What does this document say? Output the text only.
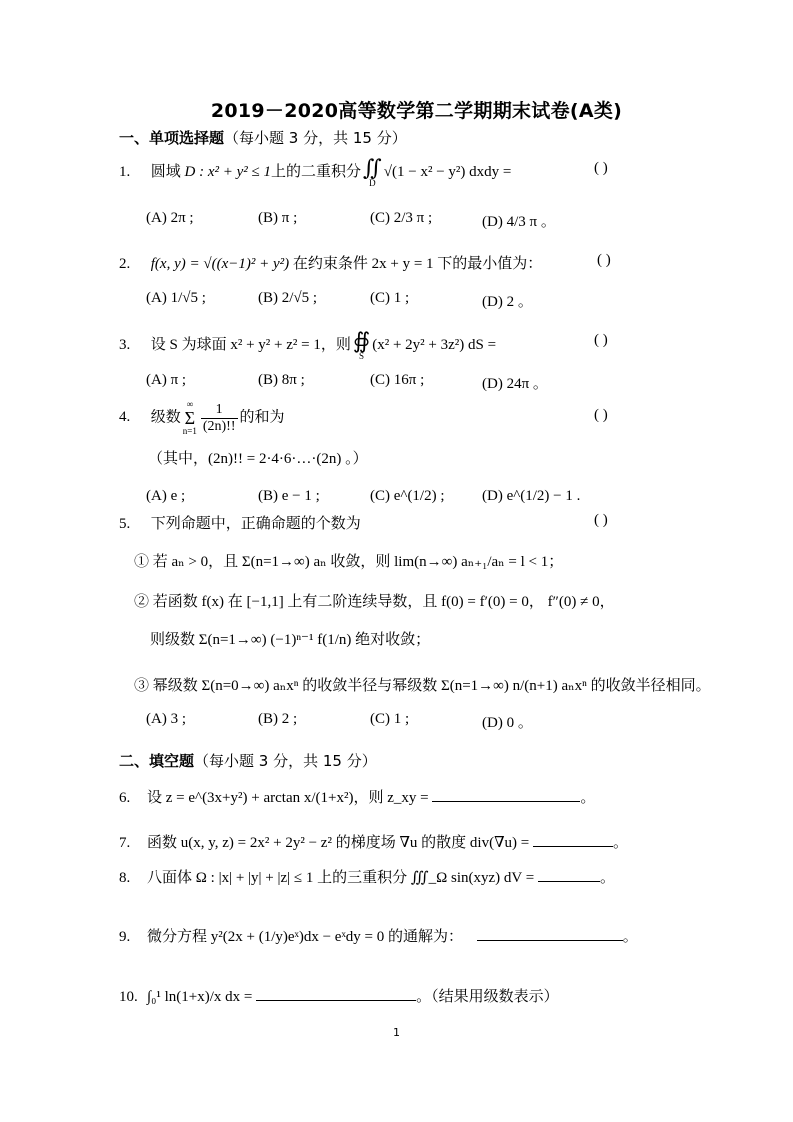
2019－2020高等数学第二学期期末试卷(A类)
一、单项选择题（每小题 3 分，共 15 分）
1. 圆域 D : x² + y² ≤ 1上的二重积分 ∬
D
√(1 − x² − y²) dxdy =	( )
(A) 2π ;	(B) π ;	(C) 2/3 π ;	(D) 4/3 π 。
2. f(x, y) = √((x−1)² + y²) 在约束条件 2x + y = 1 下的最小值为：	( )
(A) 1/√5 ;	(B) 2/√5 ;	(C) 1 ;	(D) 2 。
3. 设 S 为球面 x² + y² + z² = 1，则 ∯
S
(x² + 2y² + 3z²) dS =	( )
(A) π ;	(B) 8π ;	(C) 16π ;	(D) 24π 。
4. 级数
∞
Σ
$n=1 \frac{1}{(2n)!!}$ 的和为	( )
（其中，(2n)!! = 2·4·6·…·(2n) 。）
(A) e ;	(B) e − 1 ;	(C) e^(1/2) ; (D) e^(1/2) − 1 .
5. 下列命题中，正确命题的个数为	( )
① 若 aₙ > 0，且 Σ(n=1→∞) aₙ 收敛，则 lim(n→∞) aₙ₊₁/aₙ = l < 1；
② 若函数 f(x) 在 [−1,1] 上有二阶连续导数，且 f(0) = f′(0) = 0， f″(0) ≠ 0，
则级数 Σ(n=1→∞) (−1)ⁿ⁻¹ f(1/n) 绝对收敛；
③ 幂级数 Σ(n=0→∞) aₙxⁿ 的收敛半径与幂级数 Σ(n=1→∞) n/(n+1) aₙxⁿ 的收敛半径相同。
(A) 3 ;	(B) 2 ;	(C) 1 ;	(D) 0 。
二、填空题（每小题 3 分，共 15 分）
6. 设 z = e^(3x+y²) + arctan x/(1+x²)，则 z_xy =	。
7. 函数 u(x, y, z) = 2x² + 2y² − z² 的梯度场 ∇u 的散度 div(∇u) =	。
8. 八面体 Ω : |x| + |y| + |z| ≤ 1 上的三重积分 ∭_Ω sin(xyz) dV =	。
9. 微分方程 y²(2x + (1/y)eˣ)dx − eˣdy = 0 的通解为：	。
10. ∫₀¹ ln(1+x)/x dx =	。（结果用级数表示）
1
